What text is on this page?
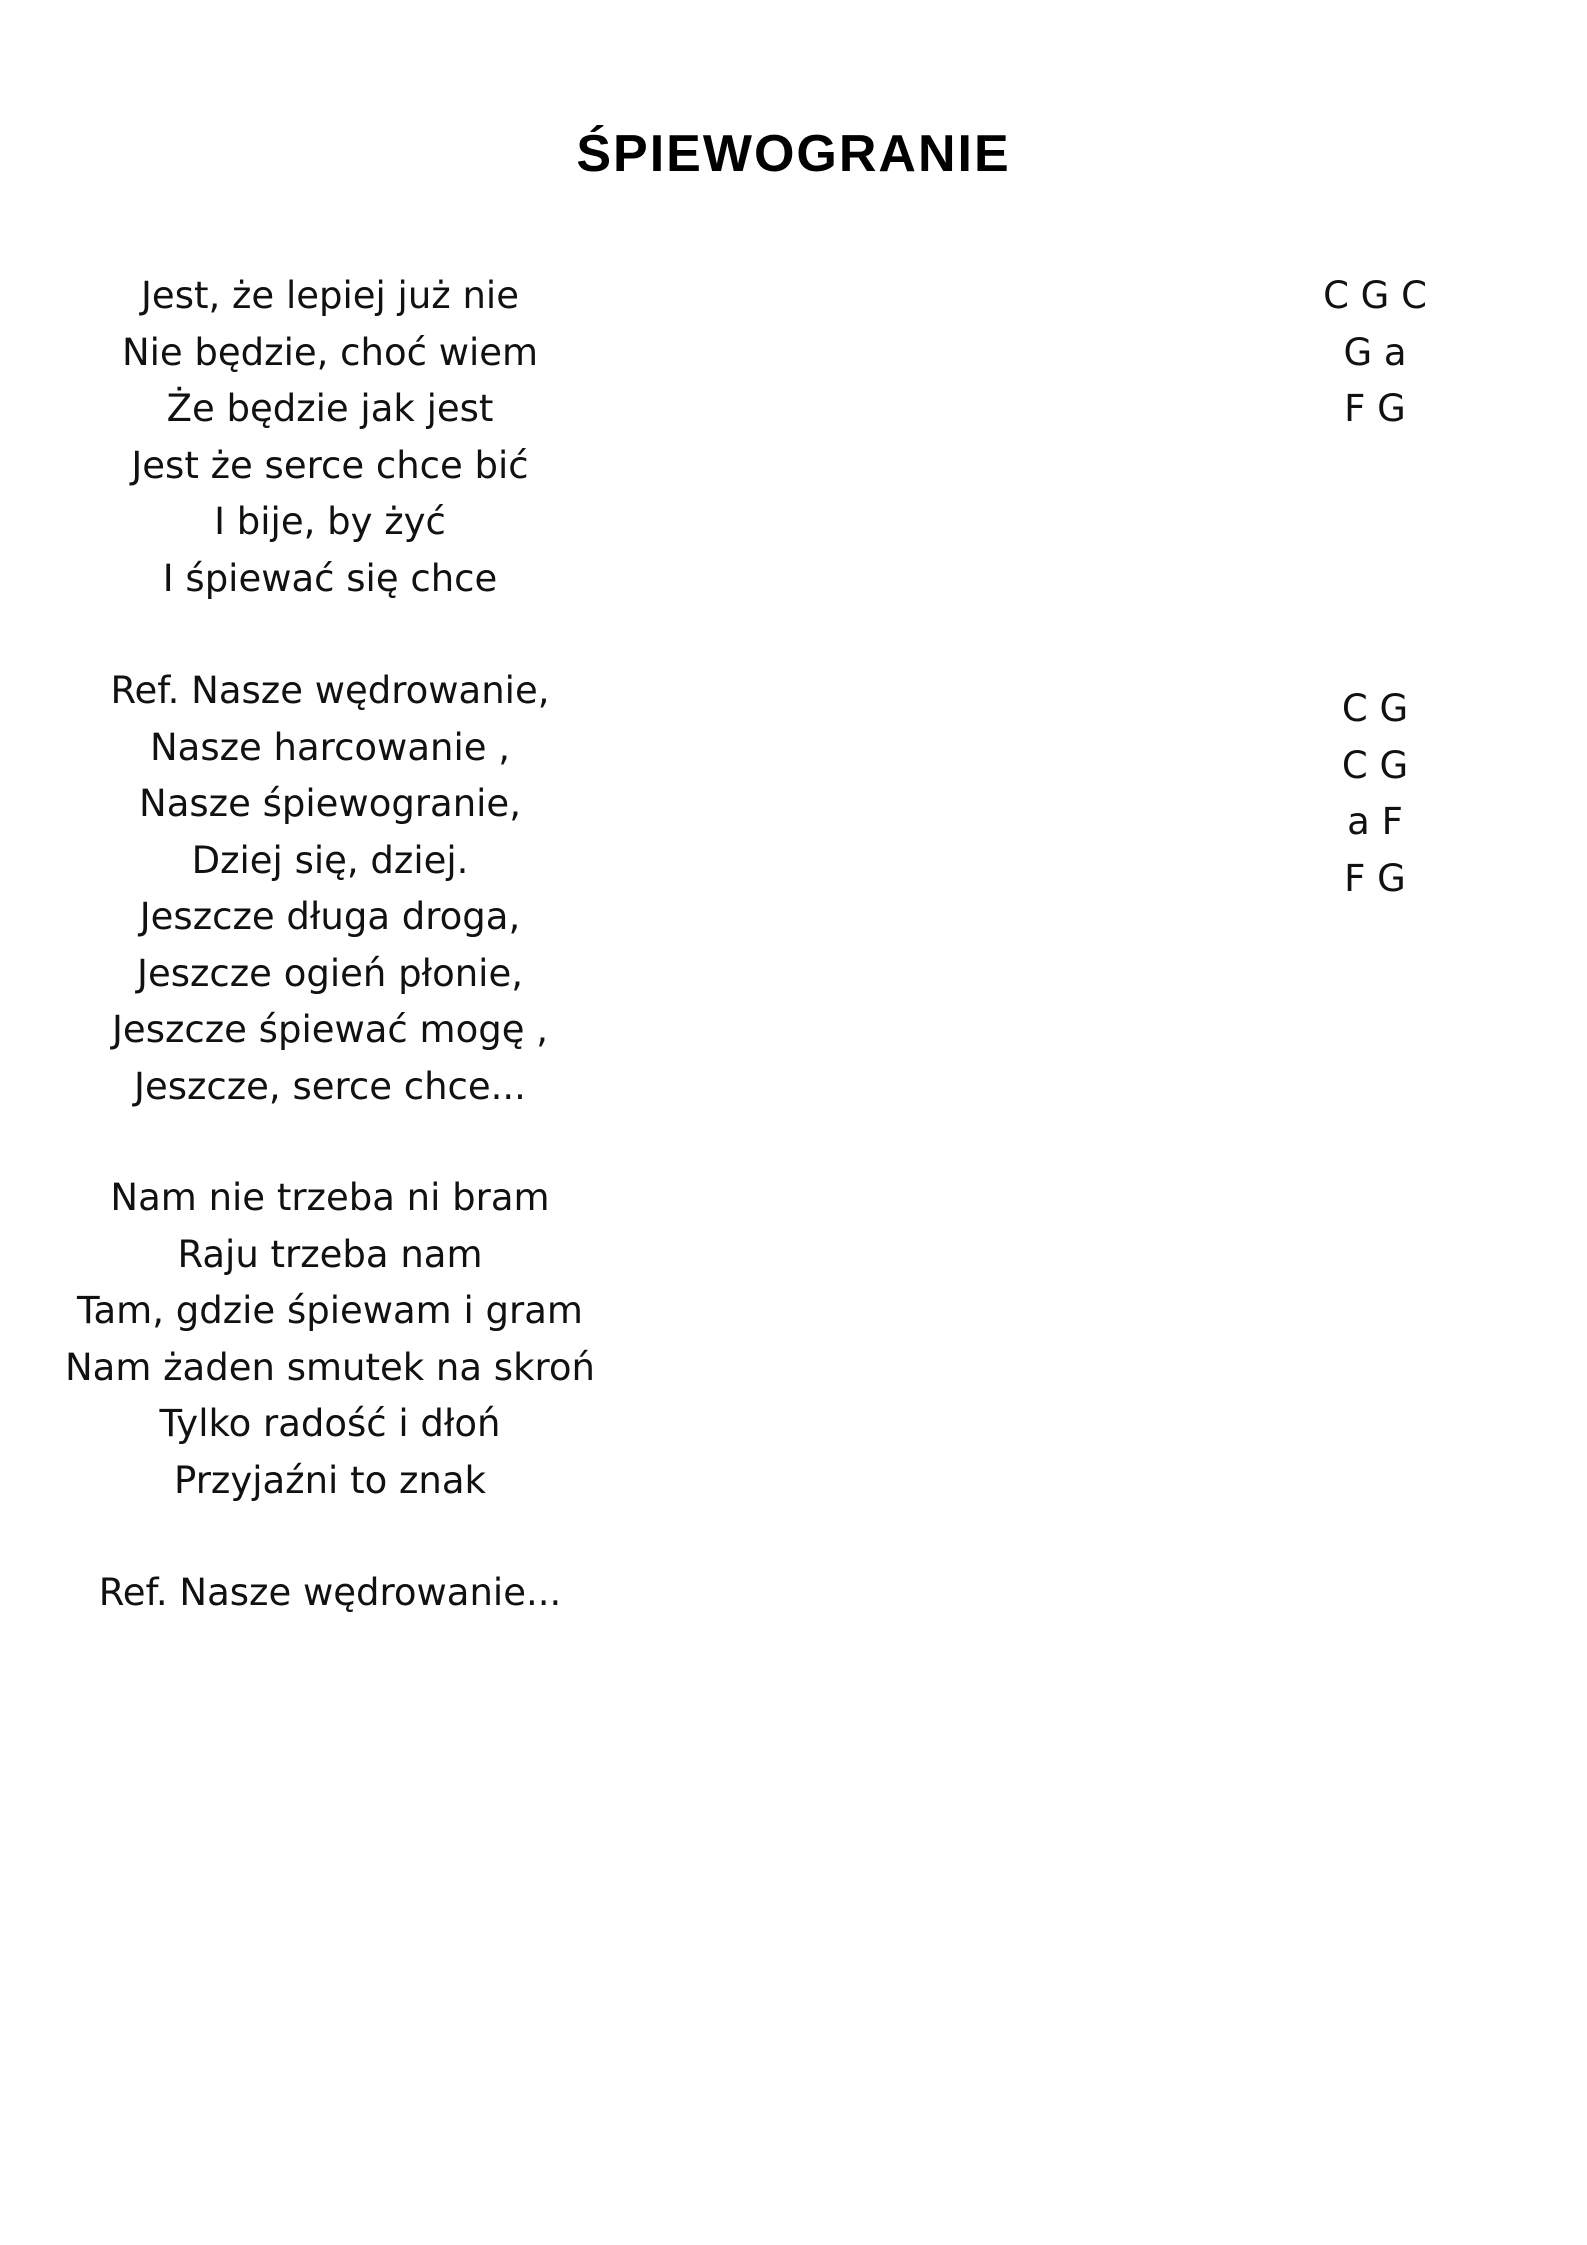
ŚPIEWOGRANIE
Jest, że lepiej już nie
Nie będzie, choć wiem
Że będzie jak jest
Jest że serce chce bić
I bije, by żyć
I śpiewać się chce
Ref. Nasze wędrowanie,
Nasze harcowanie ,
Nasze śpiewogranie,
Dziej się, dziej.
Jeszcze długa droga,
Jeszcze ogień płonie,
Jeszcze śpiewać mogę ,
Jeszcze, serce chce...
Nam nie trzeba ni bram
Raju trzeba nam
Tam, gdzie śpiewam i gram
Nam żaden smutek na skroń
Tylko radość i dłoń
Przyjaźni to znak
Ref. Nasze wędrowanie...
C G C
G a
F G
C G
C G
a F
F G
